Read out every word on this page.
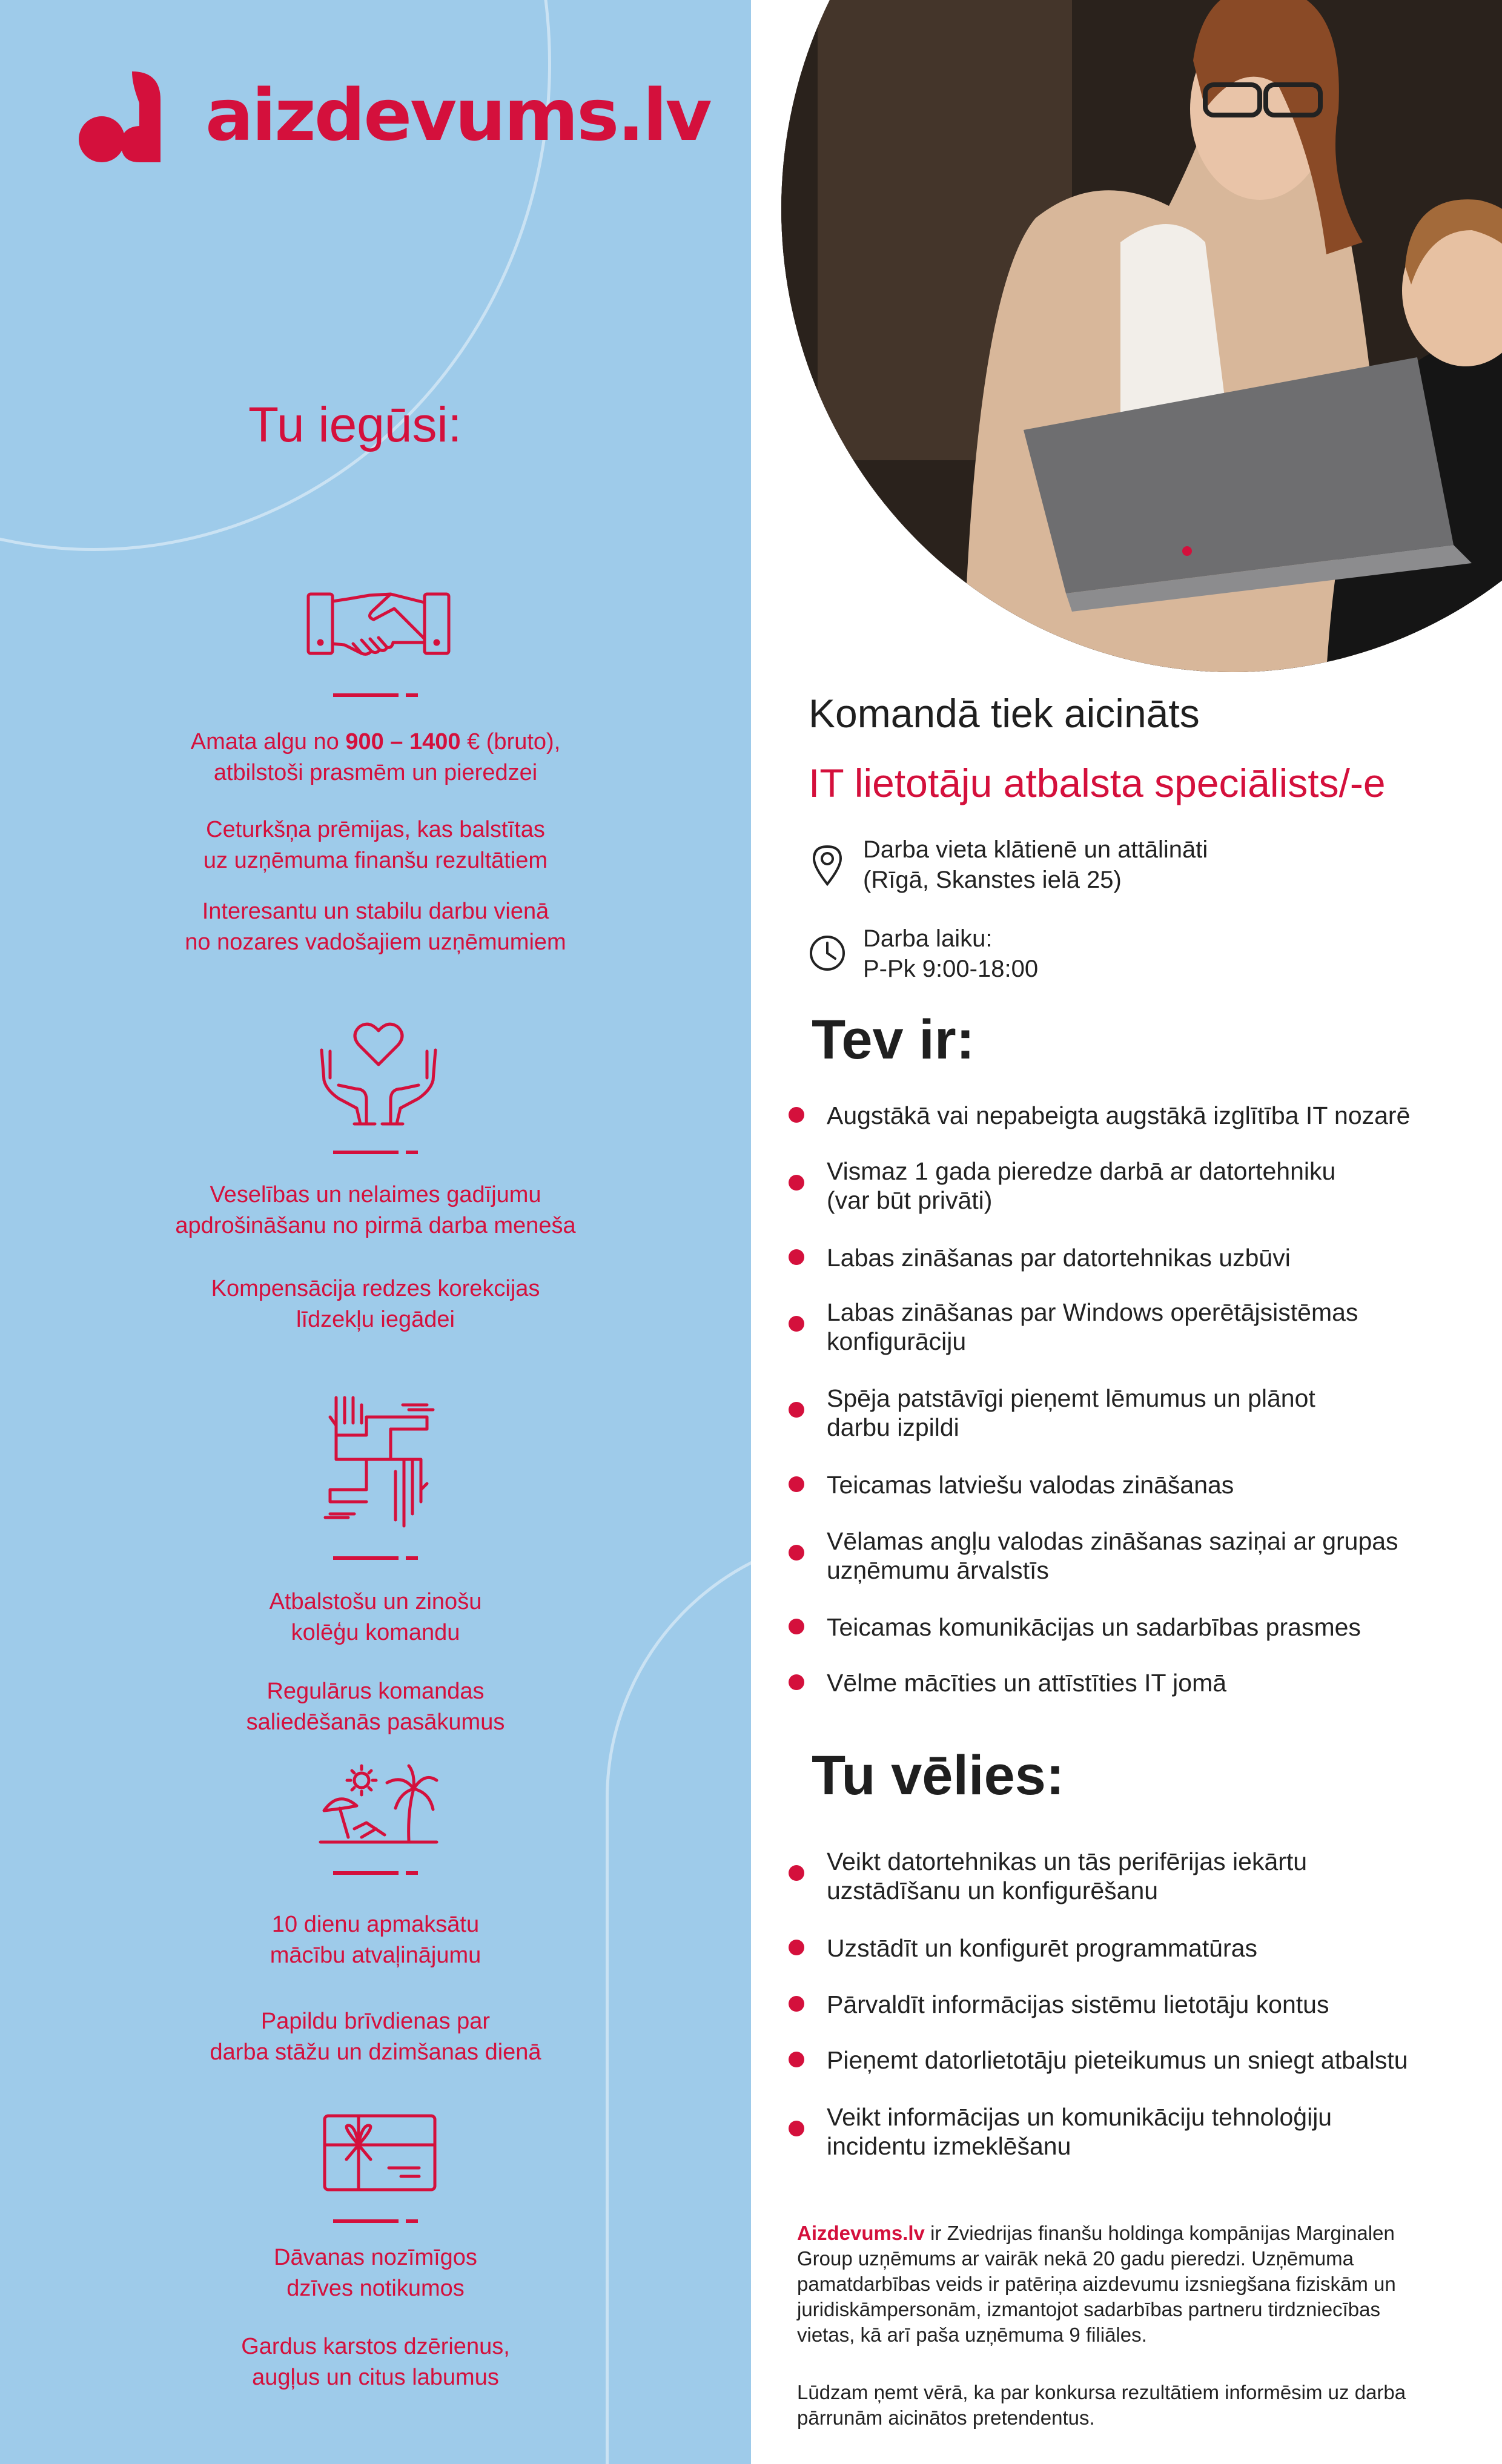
aizdevums.lv
Tu iegūsi:
Amata algu no 900 – 1400 € (bruto),
atbilstoši prasmēm un pieredzei
Ceturkšņa prēmijas, kas balstītas
uz uzņēmuma finanšu rezultātiem
Interesantu un stabilu darbu vienā
no nozares vadošajiem uzņēmumiem
Veselības un nelaimes gadījumu
apdrošināšanu no pirmā darba meneša
Kompensācija redzes korekcijas
līdzekļu iegādei
Atbalstošu un zinošu
kolēģu komandu
Regulārus komandas
saliedēšanās pasākumus
10 dienu apmaksātu
mācību atvaļinājumu
Papildu brīvdienas par
darba stāžu un dzimšanas dienā
Dāvanas nozīmīgos
dzīves notikumos
Gardus karstos dzērienus,
augļus un citus labumus
Komandā tiek aicināts
IT lietotāju atbalsta speciālists/-e
Darba vieta klātienē un attālināti
(Rīgā, Skanstes ielā 25)
Darba laiku:
P-Pk 9:00-18:00
Tev ir:
Augstākā vai nepabeigta augstākā izglītība IT nozarē
Vismaz 1 gada pieredze darbā ar datortehniku
(var būt privāti)
Labas zināšanas par datortehnikas uzbūvi
Labas zināšanas par Windows operētājsistēmas
konfigurāciju
Spēja patstāvīgi pieņemt lēmumus un plānot
darbu izpildi
Teicamas latviešu valodas zināšanas
Vēlamas angļu valodas zināšanas saziņai ar grupas
uzņēmumu ārvalstīs
Teicamas komunikācijas un sadarbības prasmes
Vēlme mācīties un attīstīties IT jomā
Tu vēlies:
Veikt datortehnikas un tās perifērijas iekārtu
uzstādīšanu un konfigurēšanu
Uzstādīt un konfigurēt programmatūras
Pārvaldīt informācijas sistēmu lietotāju kontus
Pieņemt datorlietotāju pieteikumus un sniegt atbalstu
Veikt informācijas un komunikāciju tehnoloģiju
incidentu izmeklēšanu
Aizdevums.lv ir Zviedrijas finanšu holdinga kompānijas Marginalen
Group uzņēmums ar vairāk nekā 20 gadu pieredzi. Uzņēmuma
pamatdarbības veids ir patēriņa aizdevumu izsniegšana fiziskām un
juridiskāmpersonām, izmantojot sadarbības partneru tirdzniecības
vietas, kā arī paša uzņēmuma 9 filiāles.
Lūdzam ņemt vērā, ka par konkursa rezultātiem informēsim uz darba
pārrunām aicinātos pretendentus.
